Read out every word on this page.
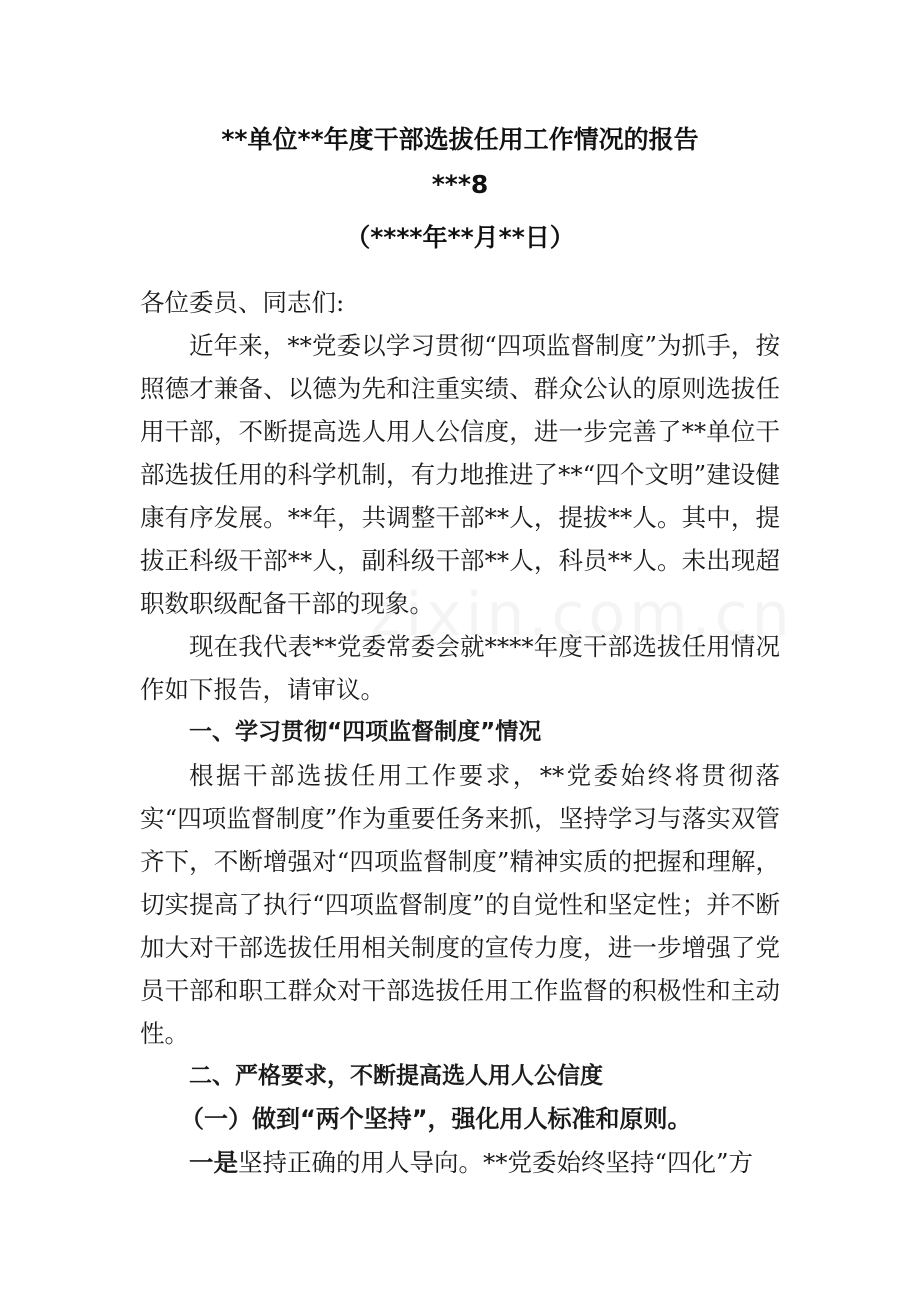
**单位**年度干部选拔任用工作情况的报告
***8
（****年**月**日）
各位委员、同志们:

近年来，**党委以学习贯彻“四项监督制度”为抓手，按照德才兼备、以德为先和注重实绩、群众公认的原则选拔任用干部，不断提高选人用人公信度，进一步完善了**单位干部选拔任用的科学机制，有力地推进了**“四个文明”建设健康有序发展。**年，共调整干部**人，提拔**人。其中，提拔正科级干部**人，副科级干部**人，科员**人。未出现超职数职级配备干部的现象。

现在我代表**党委常委会就****年度干部选拔任用情况作如下报告，请审议。

一、学习贯彻“四项监督制度”情况

根据干部选拔任用工作要求，**党委始终将贯彻落实“四项监督制度”作为重要任务来抓，坚持学习与落实双管齐下，不断增强对“四项监督制度”精神实质的把握和理解，切实提高了执行“四项监督制度”的自觉性和坚定性；并不断加大对干部选拔任用相关制度的宣传力度，进一步增强了党员干部和职工群众对干部选拔任用工作监督的积极性和主动性。

二、严格要求，不断提高选人用人公信度

（一）做到“两个坚持”，强化用人标准和原则。

一是坚持正确的用人导向。**党委始终坚持“四化”方
